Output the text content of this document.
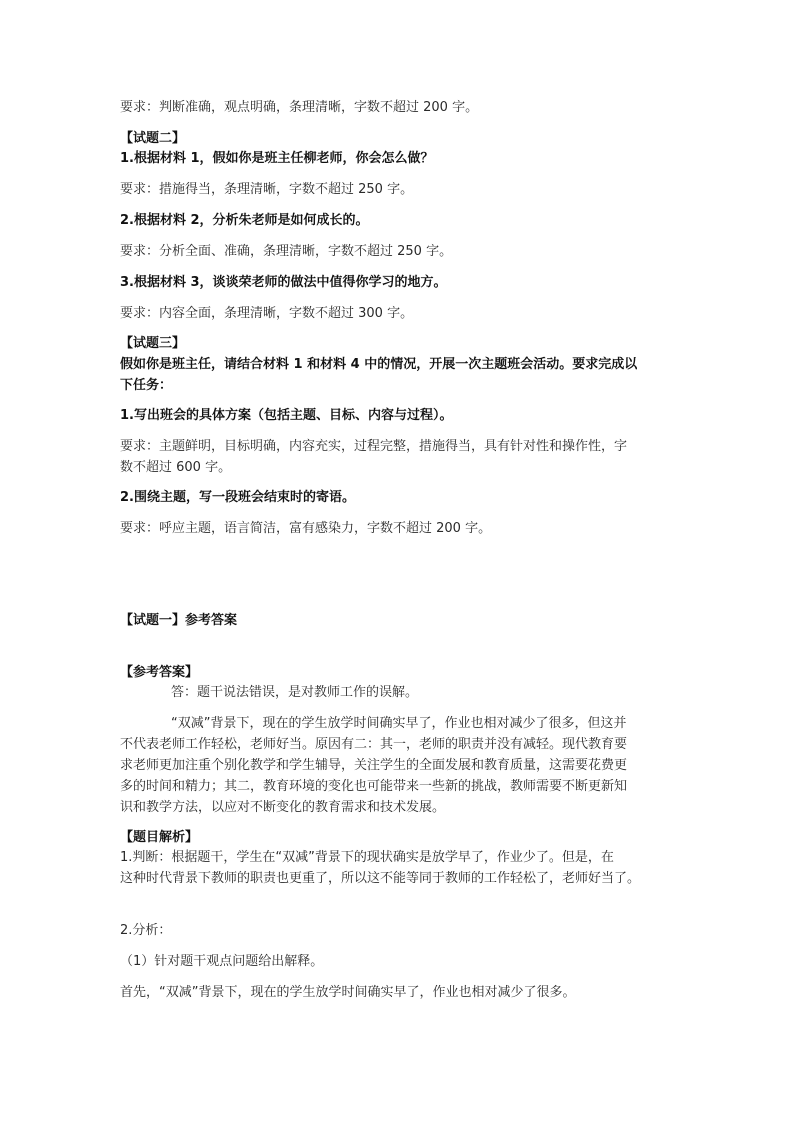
要求：判断准确，观点明确，条理清晰，字数不超过 200 字。
【试题二】
1.根据材料 1，假如你是班主任柳老师，你会怎么做？
要求：措施得当，条理清晰，字数不超过 250 字。
2.根据材料 2，分析朱老师是如何成长的。
要求：分析全面、准确，条理清晰，字数不超过 250 字。
3.根据材料 3，谈谈荣老师的做法中值得你学习的地方。
要求：内容全面，条理清晰，字数不超过 300 字。
【试题三】
假如你是班主任，请结合材料 1 和材料 4 中的情况，开展一次主题班会活动。要求完成以
下任务：
1.写出班会的具体方案（包括主题、目标、内容与过程）。
要求：主题鲜明，目标明确，内容充实，过程完整，措施得当，具有针对性和操作性，字
数不超过 600 字。
2.围绕主题，写一段班会结束时的寄语。
要求：呼应主题，语言简洁，富有感染力，字数不超过 200 字。
【试题一】参考答案
【参考答案】
答：题干说法错误，是对教师工作的误解。
“双减”背景下，现在的学生放学时间确实早了，作业也相对减少了很多，但这并
不代表老师工作轻松，老师好当。原因有二：其一，老师的职责并没有减轻。现代教育要
求老师更加注重个别化教学和学生辅导，关注学生的全面发展和教育质量，这需要花费更
多的时间和精力；其二，教育环境的变化也可能带来一些新的挑战，教师需要不断更新知
识和教学方法，以应对不断变化的教育需求和技术发展。
【题目解析】
1.判断：根据题干，学生在“双减”背景下的现状确实是放学早了，作业少了。但是，在
这种时代背景下教师的职责也更重了，所以这不能等同于教师的工作轻松了，老师好当了。
2.分析：
（1）针对题干观点问题给出解释。
首先，“双减”背景下，现在的学生放学时间确实早了，作业也相对减少了很多。
